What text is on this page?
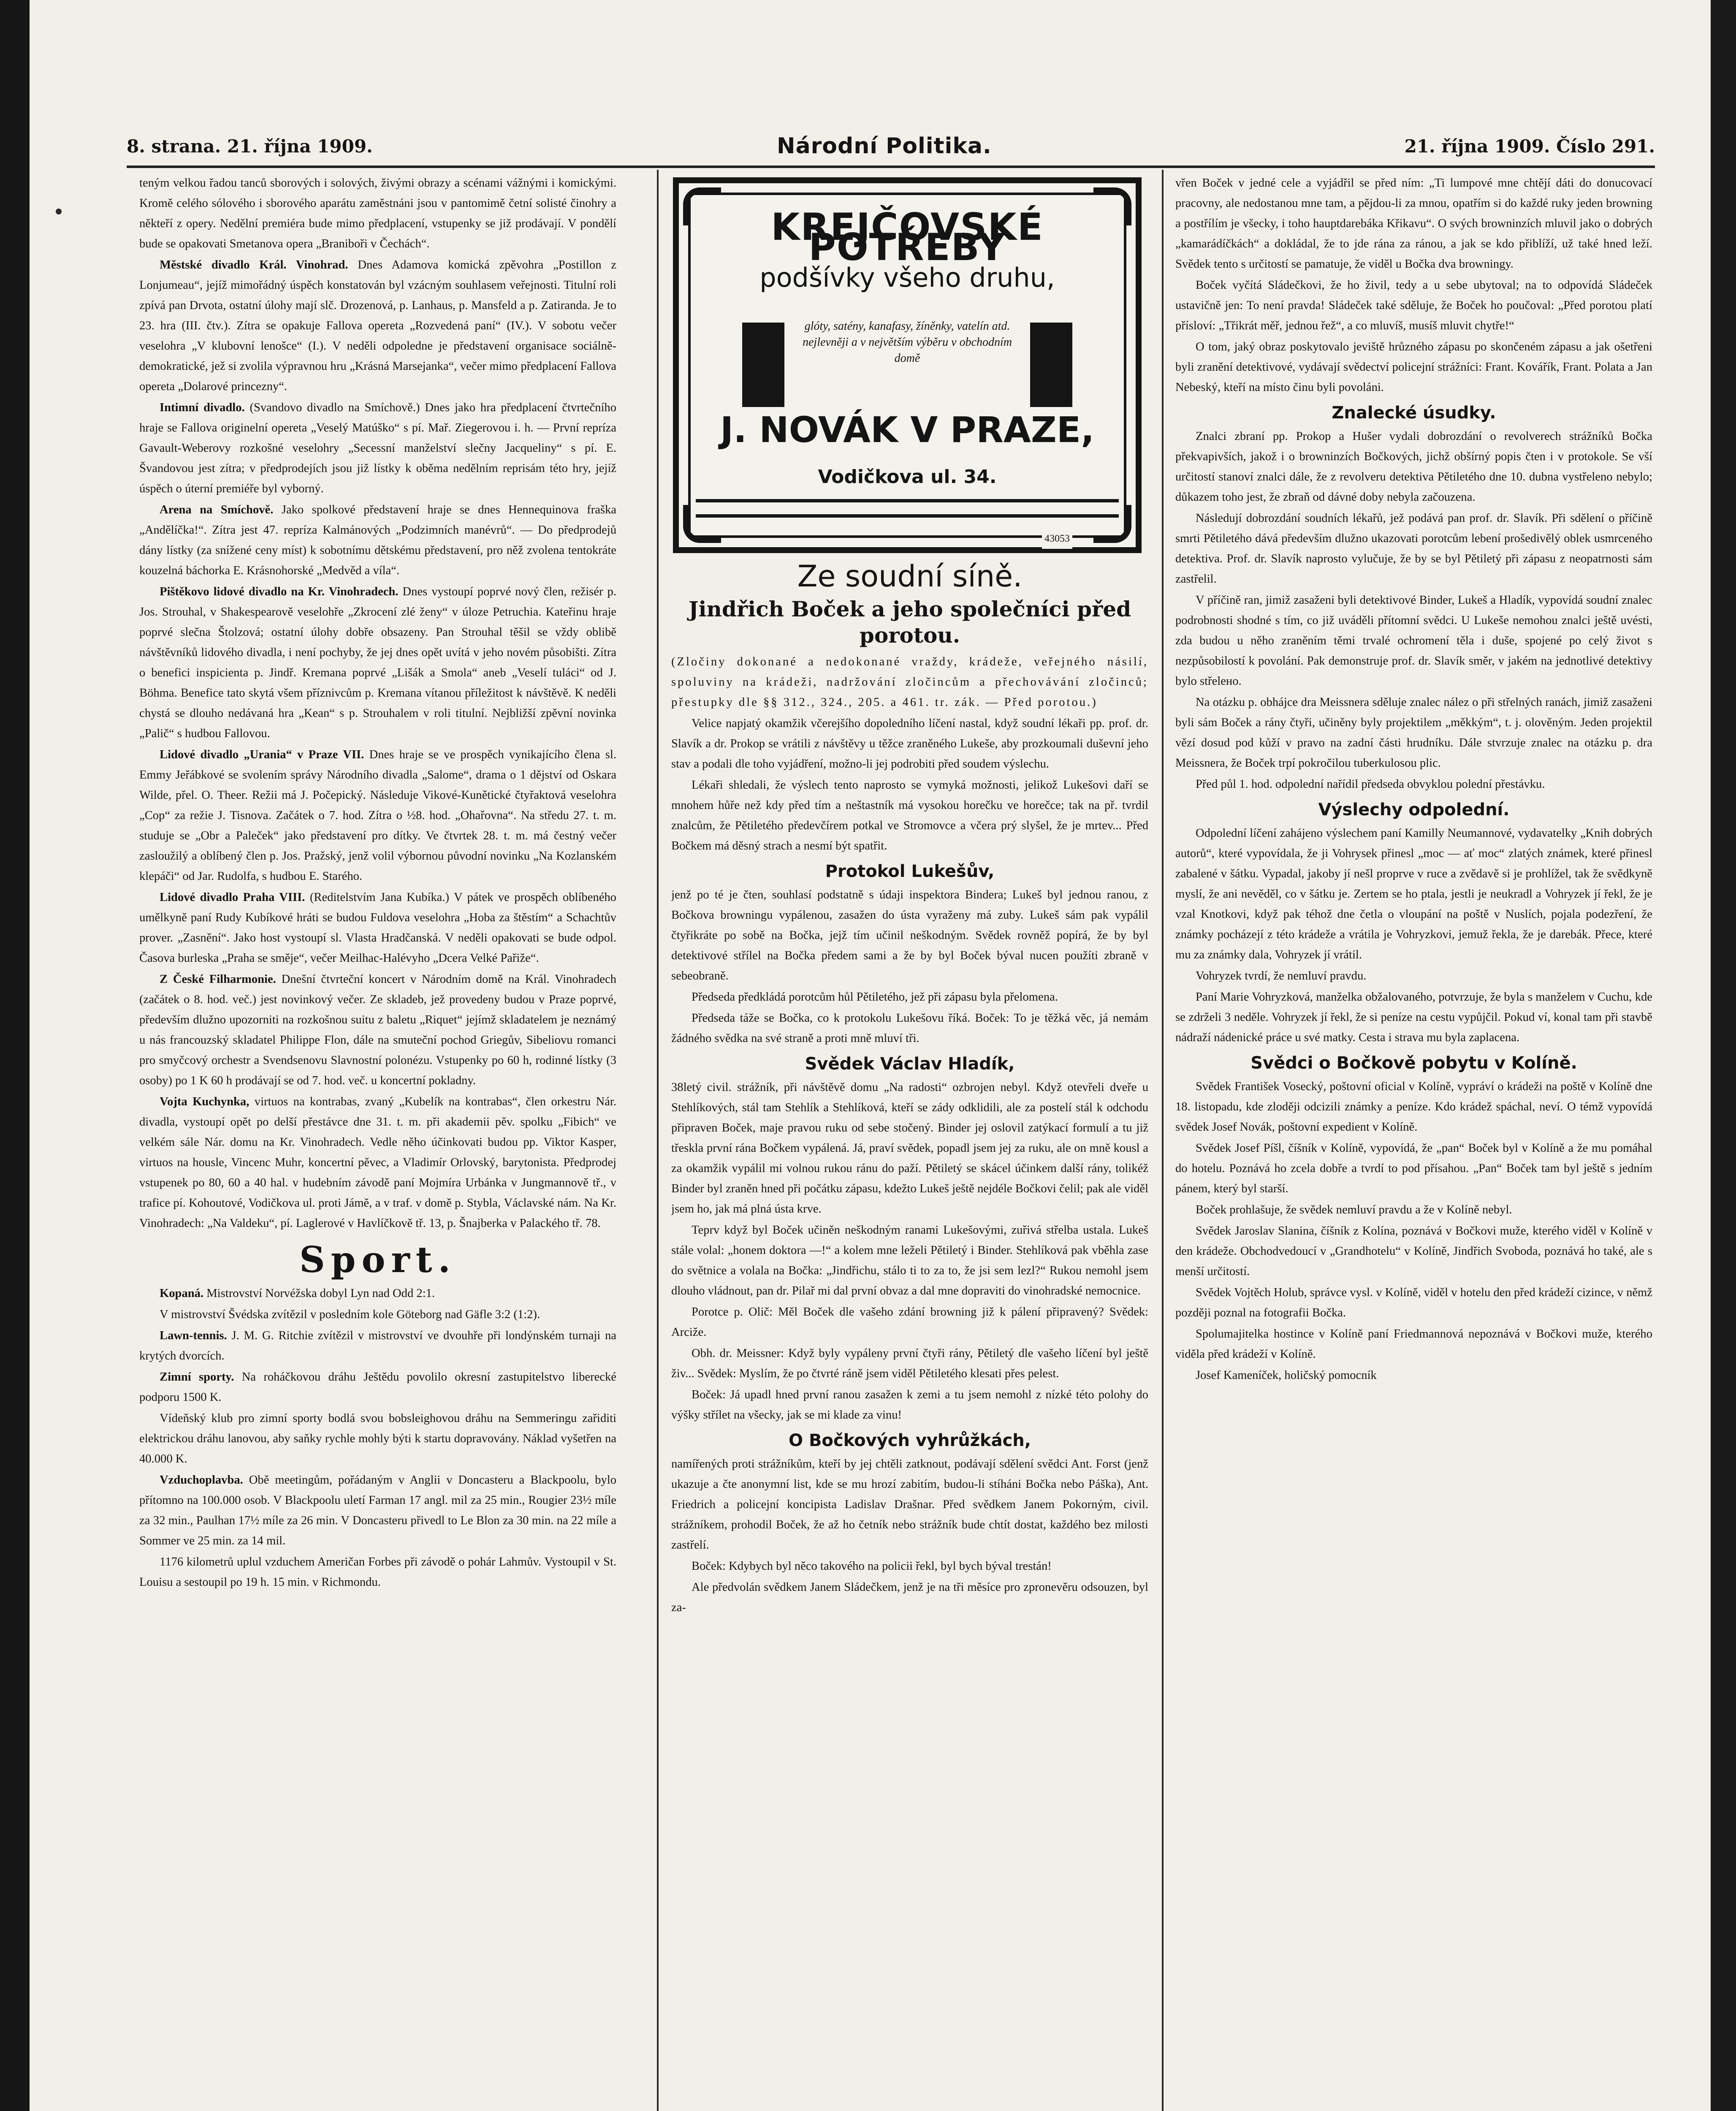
8. strana. 21. října 1909.	Národní Politika.	21. října 1909. Číslo 291.

teným velkou řadou tanců sborových i solových, živými obrazy a scénami vážnými i komickými. Kromě celého sólového i sborového aparátu zaměstnáni jsou v pantomimě četní solisté činohry a někteří z opery. Nedělní premiéra bude mimo předplacení, vstupenky se již prodávají. V pondělí bude se opakovati Smetanova opera „Braniboři v Čechách“.

Městské divadlo Král. Vinohrad. Dnes Adamova komická zpěvohra „Postillon z Lonjumeau“, jejíž mimořádný úspěch konstatován byl vzácným souhlasem veřejnosti. Titulní roli zpívá pan Drvota, ostatní úlohy mají slč. Drozenová, p. Lanhaus, p. Mansfeld a p. Zatiranda. Je to 23. hra (III. čtv.). Zítra se opakuje Fallova opereta „Rozvedená paní“ (IV.). V sobotu večer veselohra „V klubovní lenošce“ (I.). V neděli odpoledne je představení organisace sociálně-demokratické, jež si zvolila výpravnou hru „Krásná Marsejanka“, večer mimo předplacení Fallova opereta „Dolarové princezny“.

Intimní divadlo. (Svandovo divadlo na Smíchově.) Dnes jako hra předplacení čtvrtečního hraje se Fallova originelní opereta „Veselý Matúško“ s pí. Mař. Ziegerovou i. h. — První repríza Gavault-Weberovy rozkošné veselohry „Secessní manželství slečny Jacqueliny“ s pí. E. Švandovou jest zítra; v předprodejích jsou již lístky k oběma nedělním reprisám této hry, jejíž úspěch o úterní premiéře byl vyborný.

Arena na Smíchově. Jako spolkové představení hraje se dnes Hennequinova fraška „Andělíčka!“. Zítra jest 47. repríza Kalmánových „Podzimních manévrů“. — Do předprodejů dány lístky (za snížené ceny míst) k sobotnímu dětskému představení, pro něž zvolena tentokráte kouzelná báchorka E. Krásnohorské „Medvěd a víla“.

Pištěkovo lidové divadlo na Kr. Vinohradech. Dnes vystoupí poprvé nový člen, režisér p. Jos. Strouhal, v Shakespearově veselohře „Zkrocení zlé ženy“ v úloze Petruchia. Kateřinu hraje poprvé slečna Štolzová; ostatní úlohy dobře obsazeny. Pan Strouhal těšil se vždy oblibě návštěvníků lidového divadla, i není pochyby, že jej dnes opět uvítá v jeho novém působišti. Zítra o benefici inspicienta p. Jindř. Kremana poprvé „Lišák a Smola“ aneb „Veselí tuláci“ od J. Böhma. Benefice tato skytá všem příznivcům p. Kremana vítanou příležitost k návštěvě. K neděli chystá se dlouho nedávaná hra „Kean“ s p. Strouhalem v roli titulní. Nejbližší zpěvní novinka „Palič“ s hudbou Fallovou.

Lidové divadlo „Urania“ v Praze VII. Dnes hraje se ve prospěch vynikajícího člena sl. Emmy Jeřábkové se svolením správy Národního divadla „Salome“, drama o 1 dějství od Oskara Wilde, přel. O. Theer. Režii má J. Počepický. Následuje Vikové-Kunětické čtyřaktová veselohra „Cop“ za režie J. Tisnova. Začátek o 7. hod. Zítra o ½8. hod. „Ohařovna“. Na středu 27. t. m. studuje se „Obr a Paleček“ jako představení pro dítky. Ve čtvrtek 28. t. m. má čestný večer zasloužilý a oblíbený člen p. Jos. Pražský, jenž volil výbornou původní novinku „Na Kozlanském klepáči“ od Jar. Rudolfa, s hudbou E. Starého.

Lidové divadlo Praha VIII. (Reditelstvím Jana Kubíka.) V pátek ve prospěch oblíbeného umělkyně paní Rudy Kubíkové hráti se budou Fuldova veselohra „Hoba za štěstím“ a Schachtův prover. „Zasnění“. Jako host vystoupí sl. Vlasta Hradčanská. V neděli opakovati se bude odpol. Časova burleska „Praha se směje“, večer Meilhac-Halévyho „Dcera Velké Pařiže“.

Z České Filharmonie. Dnešní čtvrteční koncert v Národním domě na Král. Vinohradech (začátek o 8. hod. več.) jest novinkový večer. Ze skladeb, jež provedeny budou v Praze poprvé, především dlužno upozorniti na rozkošnou suitu z baletu „Riquet“ jejímž skladatelem je neznámý u nás francouzský skladatel Philippe Flon, dále na smuteční pochod Griegův, Sibeliovu romanci pro smyčcový orchestr a Svendsenovu Slavnostní polonézu. Vstupenky po 60 h, rodinné lístky (3 osoby) po 1 K 60 h prodávají se od 7. hod. več. u koncertní pokladny.

Vojta Kuchynka, virtuos na kontrabas, zvaný „Kubelík na kontrabas“, člen orkestru Nár. divadla, vystoupí opět po delší přestávce dne 31. t. m. při akademii pěv. spolku „Fibich“ ve velkém sále Nár. domu na Kr. Vinohradech. Vedle něho účinkovati budou pp. Viktor Kasper, virtuos na housle, Vincenc Muhr, koncertní pěvec, a Vladimír Orlovský, barytonista. Předprodej vstupenek po 80, 60 a 40 hal. v hudebním závodě paní Mojmíra Urbánka v Jungmannově tř., v trafice pí. Kohoutové, Vodičkova ul. proti Jámě, a v traf. v domě p. Styblа, Václavské nám. Na Kr. Vinohradech: „Na Valdeku“, pí. Laglerové v Havlíčkově tř. 13, p. Šnajberka v Palackého tř. 78.

Sport.

Kopaná. Mistrovství Norvéžska dobyl Lyn nad Odd 2:1.

V mistrovství Švédska zvítězil v posledním kole Göteborg nad Gäfle 3:2 (1:2).

Lawn-tennis. J. M. G. Ritchie zvítězil v mistrovství ve dvouhře při londýnském turnaji na krytých dvorcích.

Zimní sporty. Na roháčkovou dráhu Ještědu povolilo okresní zastupitelstvo liberecké podporu 1500 K.

Vídeňský klub pro zimní sporty bodlá svou bobsleighovou dráhu na Semmeringu zařiditi elektrickou dráhu lanovou, aby saňky rychle mohly býti k startu dopravovány. Náklad vyšetřen na 40.000 K.

Vzduchoplavba. Obě meetingům, pořádaným v Anglii v Doncasteru a Blackpoolu, bylo přítomno na 100.000 osob. V Blackpoolu uletí Farman 17 angl. mil za 25 min., Rougier 23½ míle za 32 min., Paulhan 17½ míle za 26 min. V Doncasteru přivedl to Le Blon za 30 min. na 22 míle a Sommer ve 25 min. za 14 mil.

1176 kilometrů uplul vzduchem Američan Forbes při závodě o pohár Lahmův. Vystoupil v St. Louisu a sestoupil po 19 h. 15 min. v Richmondu.

KREJČOVSKÉ POTŘEBY
podšívky všeho druhu,
glóty, satény, kanafasy, žíněnky, vatelín atd. nejlevněji a v největším výběru v obchodním domě
J. NOVÁK V PRAZE,
Vodičkova ul. 34.
43053
Ze soudní síně.
Jindřich Boček a jeho společníci před porotou.

(Zločiny dokonané a nedokonané vraždy, krádeže, veřejného násilí, spoluviny na krádeži, nadržování zločincům a přechovávání zločinců; přestupky dle §§ 312., 324., 205. a 461. tr. zák. — Před porotou.)

Velice napjatý okamžik včerejšího dopoledního líčení nastal, když soudní lékaři pp. prof. dr. Slavík a dr. Prokop se vrátili z návštěvy u těžce zraněného Lukeše, aby prozkoumali duševní jeho stav a podali dle toho vyjádření, možno-li jej podrobiti před soudem výslechu.

Lékaři shledali, že výslech tento naprosto se vymyká možnosti, jelikož Lukešovi daří se mnohem hůře než kdy před tím a neštastník má vysokou horečku ve horečce; tak na př. tvrdil znalcům, že Pětiletého předevčírem potkal ve Stromovce a včera prý slyšel, že je mrtev... Před Bočkem má děsný strach a nesmí být spatřit.

Protokol Lukešův,

jenž po té je čten, souhlasí podstatně s údaji inspektora Bindera; Lukeš byl jednou ranou, z Bočkova browningu vypálenou, zasažen do ústa vyraženy má zuby. Lukeš sám pak vypálil čtyřikráte po sobě na Bočka, jejž tím učinil neškodným. Svědek rovněž popírá, že by byl detektivové střílel na Bočka předem sami a že by byl Boček býval nucen použíti zbraně v sebeobraně.

Předseda předkládá porotcům hůl Pětiletého, jež při zápasu byla přelomena.

Předseda táže se Bočka, co k protokolu Lukešovu říká. Boček: To je těžká věc, já nemám žádného svědka na své straně a proti mně mluví tři.

Svědek Václav Hladík,

38letý civil. strážník, při návštěvě domu „Na radosti“ ozbrojen nebyl. Když otevřeli dveře u Stehlíkových, stál tam Stehlík a Stehlíková, kteří se zády odklidili, ale za postelí stál k odchodu připraven Boček, maje pravou ruku od sebe stočený. Binder jej oslovil zatýkací formulí a tu již třeskla první rána Bočkem vypálená. Já, praví svědek, popadl jsem jej za ruku, ale on mně kousl a za okamžik vypálil mi volnou rukou ránu do paží. Pětiletý se skácel účinkem další rány, tolikéž Binder byl zraněn hned při počátku zápasu, kdežto Lukeš ještě nejdéle Bočkovi čelil; pak ale viděl jsem ho, jak má plná ústa krve.

Teprv když byl Boček učiněn neškodným ranami Lukešovými, zuřivá střelba ustala. Lukeš stále volal: „honem doktora —!“ a kolem mne leželi Pětiletý i Binder. Stehlíková pak vběhla zase do světnice a volala na Bočka: „Jindřichu, stálo ti to za to, že jsi sem lezl?“ Rukou nemohl jsem dlouho vládnout, pan dr. Pilař mi dal první obvaz a dal mne dopraviti do vinohradské nemocnice.

Porotce p. Olič: Měl Boček dle vašeho zdání browning již k pálení připravený? Svědek: Arciže.

Obh. dr. Meissner: Když byly vypáleny první čtyři rány, Pětiletý dle vašeho líčení byl ještě živ... Svědek: Myslím, že po čtvrté ráně jsem viděl Pětiletého klesati přes pelest.

Boček: Já upadl hned první ranou zasažen k zemi a tu jsem nemohl z nízké této polohy do výšky střílet na všecky, jak se mi klade za vinu!

O Bočkových vyhrůžkách,

namířených proti strážníkům, kteří by jej chtěli zatknout, podávají sdělení svědci Ant. Forst (jenž ukazuje a čte anonymní list, kde se mu hrozí zabitím, budou-li stíháni Bočka nebo Páška), Ant. Friedrich a policejní koncipista Ladislav Drašnar. Před svědkem Janem Pokorným, civil. strážníkem, prohodil Boček, že až ho četník nebo strážník bude chtít dostat, každého bez milosti zastřelí.

Boček: Kdybych byl něco takového na policii řekl, byl bych býval trestán!

Ale předvolán svědkem Janem Sládečkem, jenž je na tři měsíce pro zpronevěru odsouzen, byl za-

vřen Boček v jedné cele a vyjádřil se před ním: „Ti lumpové mne chtějí dáti do donucovací pracovny, ale nedostanou mne tam, a pějdou-li za mnou, opatřím si do každé ruky jeden browning a postřílím je všecky, i toho hauptdarebáka Křikavu“. O svých browninzích mluvil jako o dobrých „kamarádíčkách“ a dokládal, že to jde rána za ránou, a jak se kdo přiblíží, už také hned leží. Svědek tento s určitostí se pamatuje, že viděl u Bočka dva browningy.

Boček vyčítá Sládečkovi, že ho živil, tedy a u sebe ubytoval; na to odpovídá Sládeček ustavičně jen: To není pravda! Sládeček také sděluje, že Boček ho poučoval: „Před porotou platí přísloví: „Třikrát měř, jednou řež“, a co mluvíš, musíš mluvit chytře!“

O tom, jaký obraz poskytovalo jeviště hrůzného zápasu po skončeném zápasu a jak ošetřeni byli zranění detektivové, vydávají svědectví policejní strážníci: Frant. Kovářík, Frant. Polata a Jan Nebeský, kteří na místo činu byli povoláni.

Znalecké úsudky.

Znalci zbraní pp. Prokop a Hušer vydali dobrozdání o revolverech strážníků Bočka překvapivších, jakož i o browninzích Bočkových, jichž obšírný popis čten i v protokole. Se vší určitostí stanoví znalci dále, že z revolveru detektiva Pětiletého dne 10. dubna vystřeleno nebylo; důkazem toho jest, že zbraň od dávné doby nebyla začouzena.

Následují dobrozdání soudních lékařů, jež podává pan prof. dr. Slavík. Při sdělení o příčině smrti Pětiletého dává především dlužno ukazovati porotcům lebení prošedivělý oblek usmrceného detektiva. Prof. dr. Slavík naprosto vylučuje, že by se byl Pětiletý při zápasu z neopatrnosti sám zastřelil.

V příčině ran, jimiž zasaženi byli detektivové Binder, Lukeš a Hladík, vypovídá soudní znalec podrobnosti shodné s tím, co již uváděli přítomní svědci. U Lukeše nemohou znalci ještě uvésti, zda budou u něho zraněním těmi trvalé ochromení těla i duše, spojené po celý život s nezpůsobilostí k povolání. Pak demonstruje prof. dr. Slavík směr, v jakém na jednotlivé detektivy bylo střelено.

Na otázku p. obhájce dra Meissnera sděluje znalec nález o při střelných ranách, jimiž zasaženi byli sám Boček a rány čtyři, učiněny byly projektilem „měkkým“, t. j. olověným. Jeden projektil vězí dosud pod kůží v pravo na zadní části hrudníku. Dále stvrzuje znalec na otázku p. dra Meissnera, že Boček trpí pokročilou tuberkulosou plic.

Před půl 1. hod. odpolední nařídil předseda obvyklou polední přestávku.

Výslechy odpolední.

Odpolední líčení zahájeno výslechem paní Kamilly Neumannové, vydavatelky „Knih dobrých autorů“, které vypovídala, že ji Vohrysek přinesl „moc — ať moc“ zlatých známek, které přinesl zabalené v šátku. Vypadal, jakoby jí nešl proprve v ruce a zvědavě si je prohlížel, tak že svědkyně myslí, že ani nevěděl, co v šátku je. Zertem se ho ptala, jestli je neukradl a Vohryzek jí řekl, že je vzal Knotkovi, když pak téhož dne četla o vloupání na poště v Nuslích, pojala podezření, že známky pocházejí z této krádeže a vrátila je Vohryzkovi, jemuž řekla, že je darebák. Přece, které mu za známky dala, Vohryzek jí vrátil.

Vohryzek tvrdí, že nemluví pravdu.

Paní Marie Vohryzková, manželka obžalovaného, potvrzuje, že byla s manželem v Cuchu, kde se zdrželi 3 neděle. Vohryzek jí řekl, že si peníze na cestu vypůjčil. Pokud ví, konal tam při stavbě nádraží nádenické práce u své matky. Cesta i strava mu byla zaplacena.

Svědci o Bočkově pobytu v Kolíně.

Svědek František Vosecký, poštovní oficial v Kolíně, vypráví o krádeži na poště v Kolíně dne 18. listopadu, kde zloději odcizili známky a peníze. Kdo krádež spáchal, neví. O témž vypovídá svědek Josef Novák, poštovní expedient v Kolíně.

Svědek Josef Píšl, číšník v Kolíně, vypovídá, že „pan“ Boček byl v Kolíně a že mu pomáhal do hotelu. Poznává ho zcela dobře a tvrdí to pod přísahou. „Pan“ Boček tam byl ještě s jedním pánem, který byl starší.

Boček prohlašuje, že svědek nemluví pravdu a že v Kolíně nebyl.

Svědek Jaroslav Slanina, číšník z Kolína, poznává v Bočkovi muže, kterého viděl v Kolíně v den krádeže. Obchodvedoucí v „Grandhotelu“ v Kolíně, Jindřich Svoboda, poznává ho také, ale s menší určitostí.

Svědek Vojtěch Holub, správce vysl. v Kolíně, viděl v hotelu den před krádeží cizince, v němž později poznal na fotografii Bočka.

Spolumajitelka hostince v Kolíně paní Friedmannová nepoznává v Bočkovi muže, kterého viděla před krádeží v Kolíně.

Josef Kameníček, holičský pomocník
